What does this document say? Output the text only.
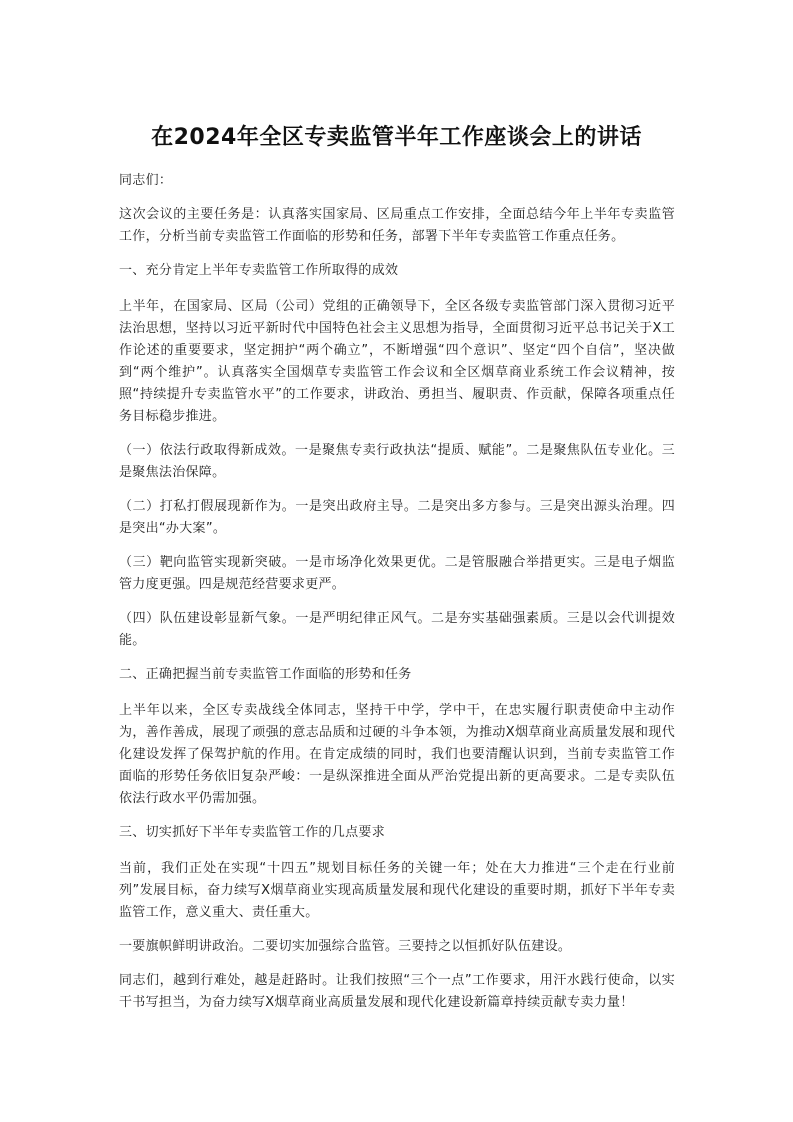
在2024年全区专卖监管半年工作座谈会上的讲话

同志们：

这次会议的主要任务是：认真落实国家局、区局重点工作安排，全面总结今年上半年专卖监管工作，分析当前专卖监管工作面临的形势和任务，部署下半年专卖监管工作重点任务。

一、充分肯定上半年专卖监管工作所取得的成效

上半年，在国家局、区局（公司）党组的正确领导下，全区各级专卖监管部门深入贯彻习近平法治思想，坚持以习近平新时代中国特色社会主义思想为指导，全面贯彻习近平总书记关于X工作论述的重要要求，坚定拥护“两个确立”，不断增强“四个意识”、坚定“四个自信”，坚决做到“两个维护”。认真落实全国烟草专卖监管工作会议和全区烟草商业系统工作会议精神，按照“持续提升专卖监管水平”的工作要求，讲政治、勇担当、履职责、作贡献，保障各项重点任务目标稳步推进。

（一）依法行政取得新成效。一是聚焦专卖行政执法“提质、赋能”。二是聚焦队伍专业化。三是聚焦法治保障。

（二）打私打假展现新作为。一是突出政府主导。二是突出多方参与。三是突出源头治理。四是突出“办大案”。

（三）靶向监管实现新突破。一是市场净化效果更优。二是管服融合举措更实。三是电子烟监管力度更强。四是规范经营要求更严。

（四）队伍建设彰显新气象。一是严明纪律正风气。二是夯实基础强素质。三是以会代训提效能。

二、正确把握当前专卖监管工作面临的形势和任务

上半年以来，全区专卖战线全体同志，坚持干中学，学中干，在忠实履行职责使命中主动作为，善作善成，展现了顽强的意志品质和过硬的斗争本领，为推动X烟草商业高质量发展和现代化建设发挥了保驾护航的作用。在肯定成绩的同时，我们也要清醒认识到，当前专卖监管工作面临的形势任务依旧复杂严峻：一是纵深推进全面从严治党提出新的更高要求。二是专卖队伍依法行政水平仍需加强。

三、切实抓好下半年专卖监管工作的几点要求

当前，我们正处在实现“十四五”规划目标任务的关键一年；处在大力推进“三个走在行业前列”发展目标，奋力续写X烟草商业实现高质量发展和现代化建设的重要时期，抓好下半年专卖监管工作，意义重大、责任重大。

一要旗帜鲜明讲政治。二要切实加强综合监管。三要持之以恒抓好队伍建设。

同志们，越到行难处，越是赶路时。让我们按照“三个一点”工作要求，用汗水践行使命，以实干书写担当，为奋力续写X烟草商业高质量发展和现代化建设新篇章持续贡献专卖力量！
